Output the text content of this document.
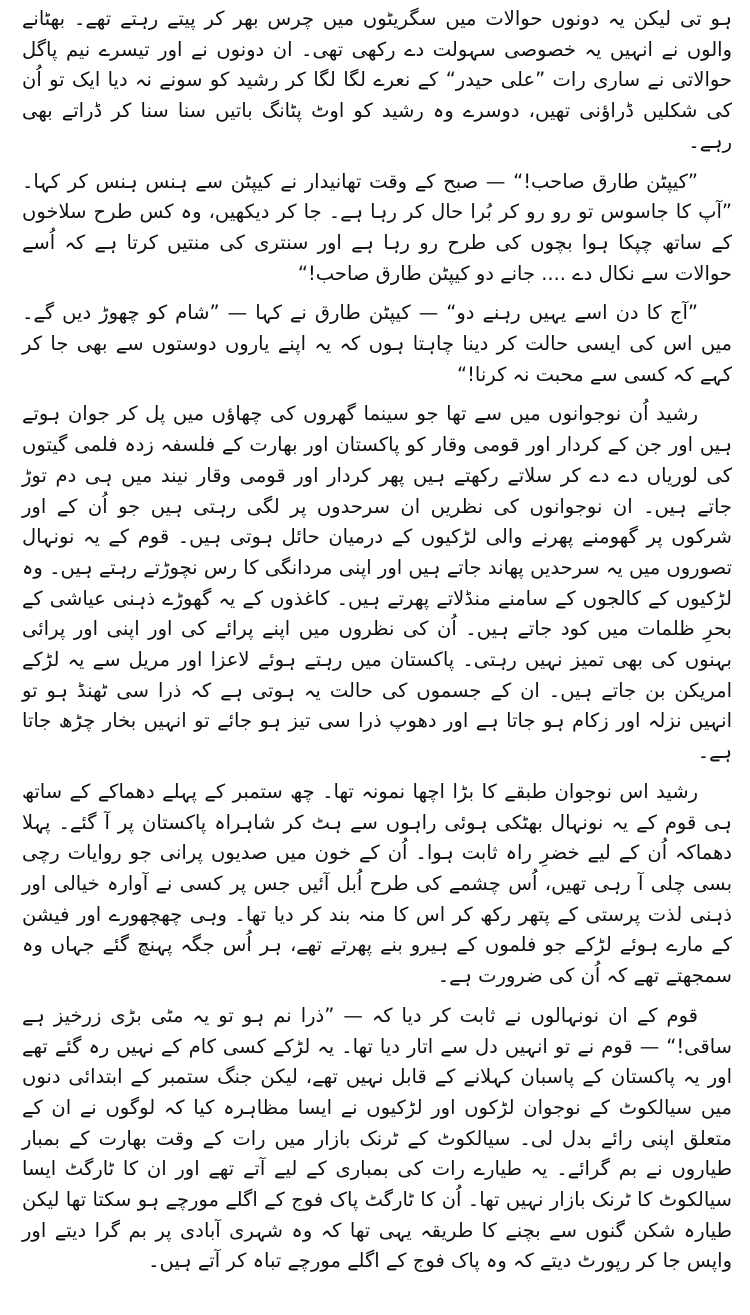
ہو تی لیکن یہ دونوں حوالات میں سگریٹوں میں چرس بھر کر پیتے رہتے تھے۔ بھٹانے والوں نے انہیں یہ خصوصی سہولت دے رکھی تھی۔ ان دونوں نے اور تیسرے نیم پاگل حوالاتی نے ساری رات ”علی حیدر“ کے نعرے لگا لگا کر رشید کو سونے نہ دیا ایک تو اُن کی شکلیں ڈراؤنی تھیں، دوسرے وہ رشید کو اوٹ پٹانگ باتیں سنا سنا کر ڈراتے بھی رہے۔

”کیپٹن طارق صاحب!“ — صبح کے وقت تھانیدار نے کیپٹن سے ہنس ہنس کر کہا۔ ”آپ کا جاسوس تو رو رو کر بُرا حال کر رہا ہے۔ جا کر دیکھیں، وہ کس طرح سلاخوں کے ساتھ چپکا ہوا بچوں کی طرح رو رہا ہے اور سنتری کی منتیں کرتا ہے کہ اُسے حوالات سے نکال دے .... جانے دو کیپٹن طارق صاحب!“

”آج کا دن اسے یہیں رہنے دو“ — کیپٹن طارق نے کہا — ”شام کو چھوڑ دیں گے۔ میں اس کی ایسی حالت کر دینا چاہتا ہوں کہ یہ اپنے یاروں دوستوں سے بھی جا کر کہے کہ کسی سے محبت نہ کرنا!“

رشید اُن نوجوانوں میں سے تھا جو سینما گھروں کی چھاؤں میں پل کر جوان ہوتے ہیں اور جن کے کردار اور قومی وقار کو پاکستان اور بھارت کے فلسفہ زدہ فلمی گیتوں کی لوریاں دے دے کر سلاتے رکھتے ہیں پھر کردار اور قومی وقار نیند میں ہی دم توڑ جاتے ہیں۔ ان نوجوانوں کی نظریں ان سرحدوں پر لگی رہتی ہیں جو اُن کے اور شرکوں پر گھومنے پھرنے والی لڑکیوں کے درمیان حائل ہوتی ہیں۔ قوم کے یہ نونہال تصوروں میں یہ سرحدیں پھاند جاتے ہیں اور اپنی مردانگی کا رس نچوڑتے رہتے ہیں۔ وہ لڑکیوں کے کالجوں کے سامنے منڈلاتے پھرتے ہیں۔ کاغذوں کے یہ گھوڑے ذہنی عیاشی کے بحرِ ظلمات میں کود جاتے ہیں۔ اُن کی نظروں میں اپنے پرائے کی اور اپنی اور پرائی بہنوں کی بھی تمیز نہیں رہتی۔ پاکستان میں رہتے ہوئے لاعزا اور مریل سے یہ لڑکے امریکن بن جاتے ہیں۔ ان کے جسموں کی حالت یہ ہوتی ہے کہ ذرا سی ٹھنڈ ہو تو انہیں نزلہ اور زکام ہو جاتا ہے اور دھوپ ذرا سی تیز ہو جائے تو انہیں بخار چڑھ جاتا ہے۔

رشید اس نوجوان طبقے کا بڑا اچھا نمونہ تھا۔ چھ ستمبر کے پہلے دھماکے کے ساتھ ہی قوم کے یہ نونہال بھٹکی ہوئی راہوں سے ہٹ کر شاہراہ پاکستان پر آ گئے۔ پہلا دھماکہ اُن کے لیے خضرِ راہ ثابت ہوا۔ اُن کے خون میں صدیوں پرانی جو روایات رچی بسی چلی آ رہی تھیں، اُس چشمے کی طرح اُبل آئیں جس پر کسی نے آوارہ خیالی اور ذہنی لذت پرستی کے پتھر رکھ کر اس کا منہ بند کر دیا تھا۔ وہی چھچھورے اور فیشن کے مارے ہوئے لڑکے جو فلموں کے ہیرو بنے پھرتے تھے، ہر اُس جگہ پہنچ گئے جہاں وہ سمجھتے تھے کہ اُن کی ضرورت ہے۔

قوم کے ان نونہالوں نے ثابت کر دیا کہ — ”ذرا نم ہو تو یہ مٹی بڑی زرخیز ہے ساقی!“ — قوم نے تو انہیں دل سے اتار دیا تھا۔ یہ لڑکے کسی کام کے نہیں رہ گئے تھے اور یہ پاکستان کے پاسبان کہلانے کے قابل نہیں تھے، لیکن جنگ ستمبر کے ابتدائی دنوں میں سیالکوٹ کے نوجوان لڑکوں اور لڑکیوں نے ایسا مظاہرہ کیا کہ لوگوں نے ان کے متعلق اپنی رائے بدل لی۔ سیالکوٹ کے ٹرنک بازار میں رات کے وقت بھارت کے بمبار طیاروں نے بم گرائے۔ یہ طیارے رات کی بمباری کے لیے آتے تھے اور ان کا ٹارگٹ ایسا سیالکوٹ کا ٹرنک بازار نہیں تھا۔ اُن کا ٹارگٹ پاک فوج کے اگلے مورچے ہو سکتا تھا لیکن طیارہ شکن گنوں سے بچنے کا طریقہ یہی تھا کہ وہ شہری آبادی پر بم گرا دیتے اور واپس جا کر رپورٹ دیتے کہ وہ پاک فوج کے اگلے مورچے تباہ کر آتے ہیں۔
